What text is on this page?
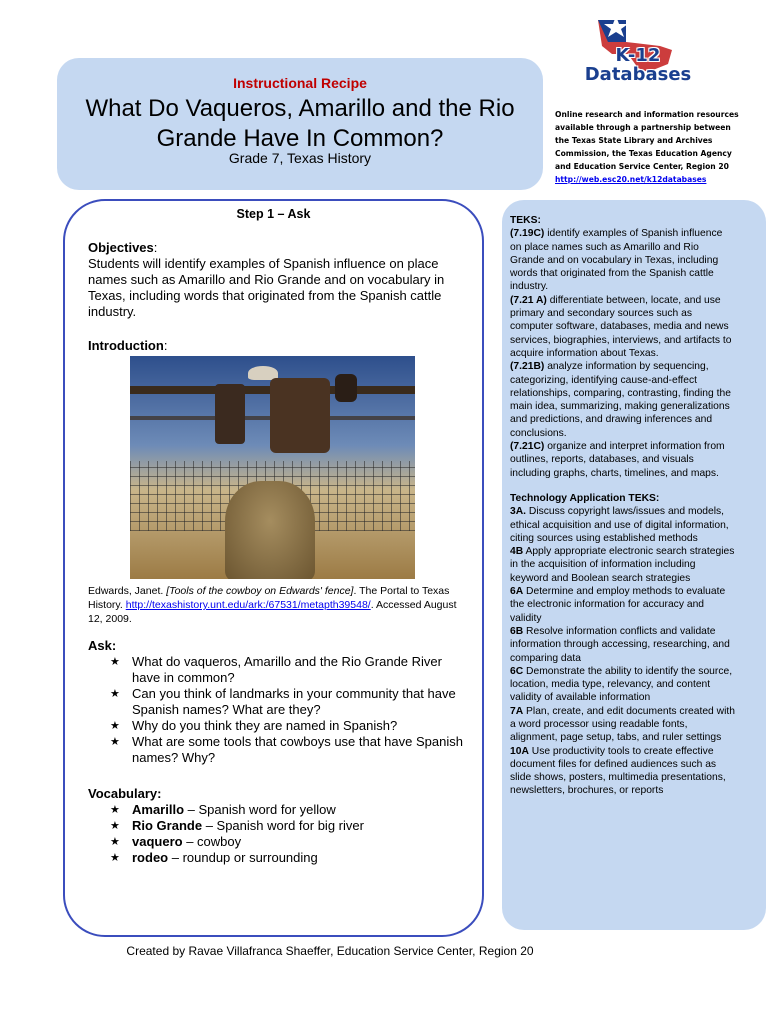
Instructional Recipe
What Do Vaqueros, Amarillo and the Rio Grande Have In Common?
Grade 7, Texas History
K-12 Databases
Online research and information resources
available through a partnership between
the Texas State Library and Archives
Commission, the Texas Education Agency
and Education Service Center, Region 20
http://web.esc20.net/k12databases
Step 1 – Ask
Objectives:
Students will identify examples of Spanish influence on place names such as Amarillo and Rio Grande and on vocabulary in Texas, including words that originated from the Spanish cattle industry.
Introduction:
Edwards, Janet. [Tools of the cowboy on Edwards' fence]. The Portal to Texas History. http://texashistory.unt.edu/ark:/67531/metapth39548/. Accessed August 12, 2009.
Ask:
★ What do vaqueros, Amarillo and the Rio Grande River have in common?
★ Can you think of landmarks in your community that have Spanish names? What are they?
★ Why do you think they are named in Spanish?
★ What are some tools that cowboys use that have Spanish names? Why?
Vocabulary:
★ Amarillo – Spanish word for yellow
★ Rio Grande – Spanish word for big river
★ vaquero – cowboy
★ rodeo – roundup or surrounding
TEKS:
(7.19C) identify examples of Spanish influence on place names such as Amarillo and Rio Grande and on vocabulary in Texas, including words that originated from the Spanish cattle industry.
(7.21 A) differentiate between, locate, and use primary and secondary sources such as computer software, databases, media and news services, biographies, interviews, and artifacts to acquire information about Texas.
(7.21B) analyze information by sequencing, categorizing, identifying cause-and-effect relationships, comparing, contrasting, finding the main idea, summarizing, making generalizations and predictions, and drawing inferences and conclusions.
(7.21C) organize and interpret information from outlines, reports, databases, and visuals including graphs, charts, timelines, and maps.
Technology Application TEKS:
3A. Discuss copyright laws/issues and models, ethical acquisition and use of digital information, citing sources using established methods
4B Apply appropriate electronic search strategies in the acquisition of information including keyword and Boolean search strategies
6A Determine and employ methods to evaluate the electronic information for accuracy and validity
6B Resolve information conflicts and validate information through accessing, researching, and comparing data
6C Demonstrate the ability to identify the source, location, media type, relevancy, and content validity of available information
7A Plan, create, and edit documents created with a word processor using readable fonts, alignment, page setup, tabs, and ruler settings
10A Use productivity tools to create effective document files for defined audiences such as slide shows, posters, multimedia presentations, newsletters, brochures, or reports
Created by Ravae Villafranca Shaeffer, Education Service Center, Region 20
